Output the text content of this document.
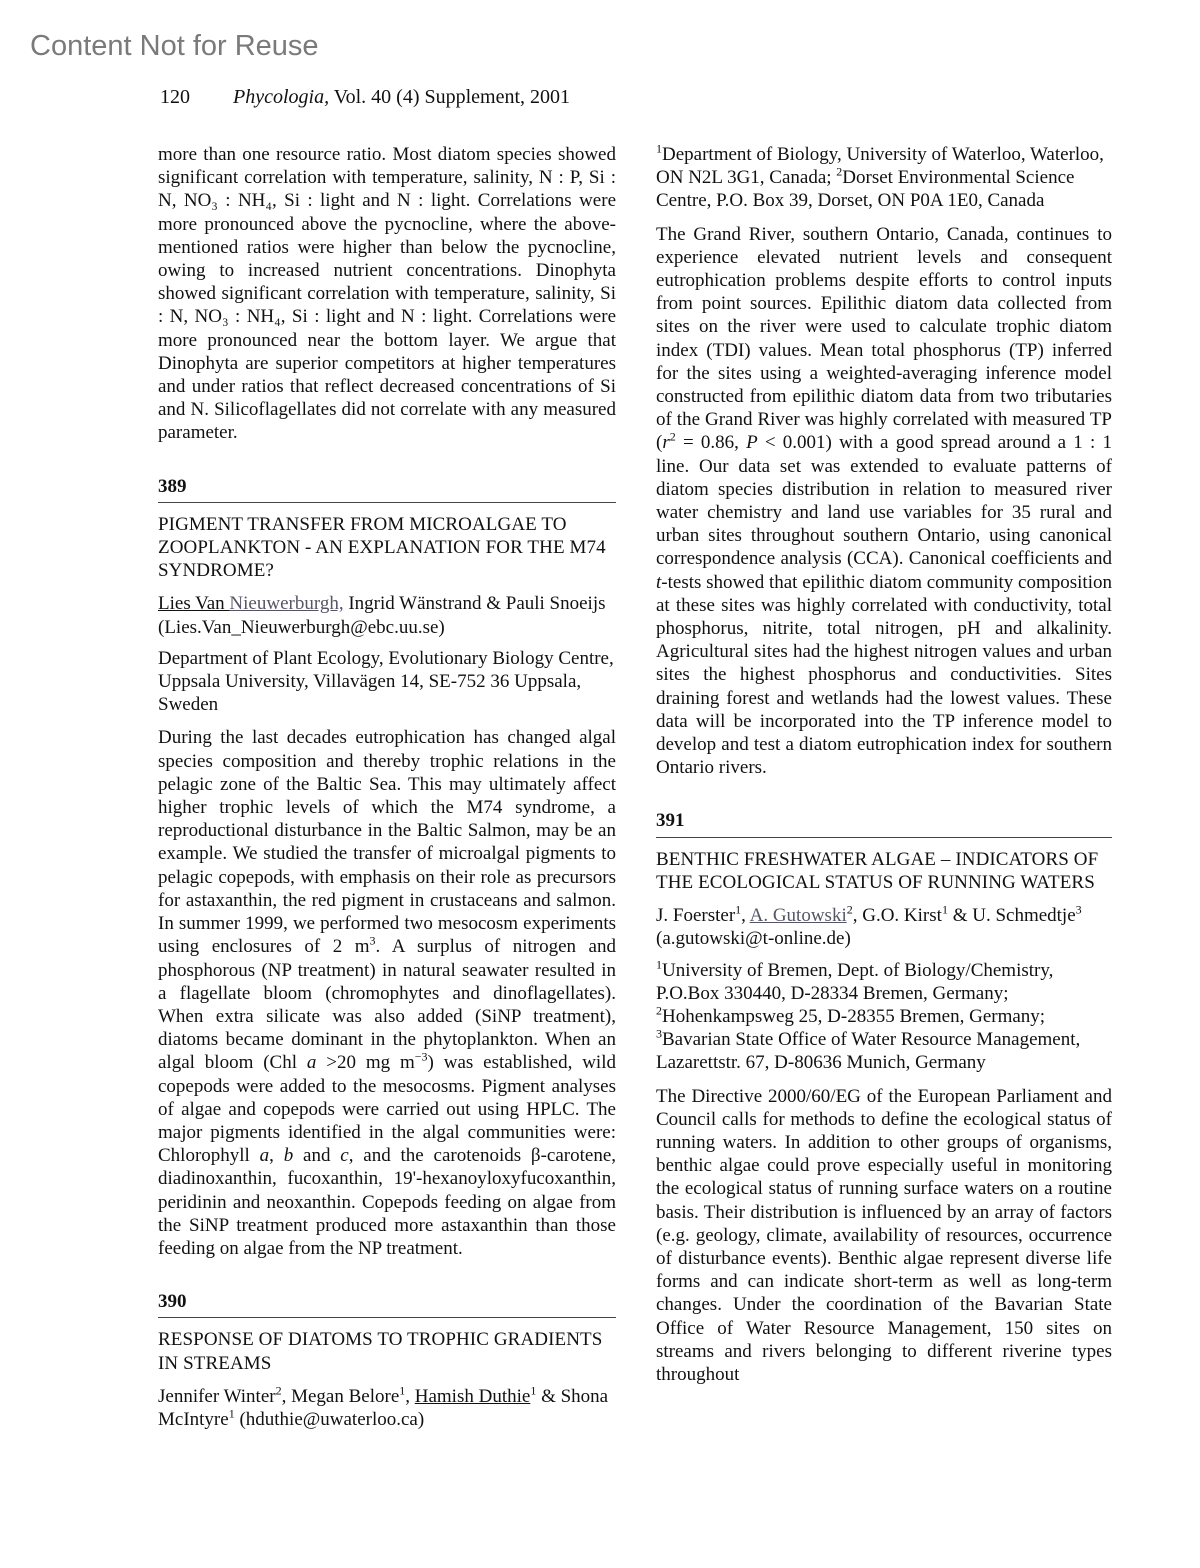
Content Not for Reuse
120 Phycologia, Vol. 40 (4) Supplement, 2001

more than one resource ratio. Most diatom species showed significant correlation with temperature, salinity, N : P, Si : N, NO₃ : NH₄, Si : light and N : light. Correlations were more pronounced above the pycnocline, where the above-mentioned ratios were higher than below the pycnocline, owing to increased nutrient concentrations. Dinophyta showed significant correlation with temperature, salinity, Si : N, NO₃ : NH₄, Si : light and N : light. Correlations were more pronounced near the bottom layer. We argue that Dinophyta are superior competitors at higher temperatures and under ratios that reflect decreased concentrations of Si and N. Silicoflagellates did not correlate with any measured parameter.

389
PIGMENT TRANSFER FROM MICROALGAE TO ZOOPLANKTON - AN EXPLANATION FOR THE M74 SYNDROME?
Lies Van Nieuwerburgh, Ingrid Wänstrand & Pauli Snoeijs (Lies.Van_Nieuwerburgh@ebc.uu.se)
Department of Plant Ecology, Evolutionary Biology Centre, Uppsala University, Villavägen 14, SE-752 36 Uppsala, Sweden
During the last decades eutrophication has changed algal species composition and thereby trophic relations in the pelagic zone of the Baltic Sea. This may ultimately affect higher trophic levels of which the M74 syndrome, a reproductional disturbance in the Baltic Salmon, may be an example. We studied the transfer of microalgal pigments to pelagic copepods, with emphasis on their role as precursors for astaxanthin, the red pigment in crustaceans and salmon. In summer 1999, we performed two mesocosm experiments using enclosures of 2 $m^3$. A surplus of nitrogen and phosphorous (NP treatment) in natural seawater resulted in a flagellate bloom (chromophytes and dinoflagellates). When extra silicate was also added (SiNP treatment), diatoms became dominant in the phytoplankton. When an algal bloom (Chl a >20 mg $m^{-3}$) was established, wild copepods were added to the mesocosms. Pigment analyses of algae and copepods were carried out using HPLC. The major pigments identified in the algal communities were: Chlorophyll a, b and c, and the carotenoids β-carotene, diadinoxanthin, fucoxanthin, 19'-hexanoyloxyfucoxanthin, peridinin and neoxanthin. Copepods feeding on algae from the SiNP treatment produced more astaxanthin than those feeding on algae from the NP treatment.
390
RESPONSE OF DIATOMS TO TROPHIC GRADIENTS IN STREAMS
Jennifer Winter$^2$, Megan Belore$^1$, Hamish Duthie$^1$ & Shona McIntyre$^1$ (hduthie@uwaterloo.ca)
$^1$Department of Biology, University of Waterloo, Waterloo, ON N2L 3G1, Canada; $^2$Dorset Environmental Science Centre, P.O. Box 39, Dorset, ON P0A 1E0, Canada
The Grand River, southern Ontario, Canada, continues to experience elevated nutrient levels and consequent eutrophication problems despite efforts to control inputs from point sources. Epilithic diatom data collected from sites on the river were used to calculate trophic diatom index (TDI) values. Mean total phosphorus (TP) inferred for the sites using a weighted-averaging inference model constructed from epilithic diatom data from two tributaries of the Grand River was highly correlated with measured TP ($r^2 = 0.86$, P < 0.001) with a good spread around a 1 : 1 line. Our data set was extended to evaluate patterns of diatom species distribution in relation to measured river water chemistry and land use variables for 35 rural and urban sites throughout southern Ontario, using canonical correspondence analysis (CCA). Canonical coefficients and t-tests showed that epilithic diatom community composition at these sites was highly correlated with conductivity, total phosphorus, nitrite, total nitrogen, pH and alkalinity. Agricultural sites had the highest nitrogen values and urban sites the highest phosphorus and conductivities. Sites draining forest and wetlands had the lowest values. These data will be incorporated into the TP inference model to develop and test a diatom eutrophication index for southern Ontario rivers.
391
BENTHIC FRESHWATER ALGAE – INDICATORS OF THE ECOLOGICAL STATUS OF RUNNING WATERS
J. Foerster$^1$, A. Gutowski$^2$, G.O. Kirst$^1$ & U. Schmedtje$^3$ (a.gutowski@t-online.de)
$^1$University of Bremen, Dept. of Biology/Chemistry, P.O.Box 330440, D-28334 Bremen, Germany;
$^2$Hohenkampsweg 25, D-28355 Bremen, Germany;
$^3$Bavarian State Office of Water Resource Management, Lazarettstr. 67, D-80636 Munich, Germany
The Directive 2000/60/EG of the European Parliament and Council calls for methods to define the ecological status of running waters. In addition to other groups of organisms, benthic algae could prove especially useful in monitoring the ecological status of running surface waters on a routine basis. Their distribution is influenced by an array of factors (e.g. geology, climate, availability of resources, occurrence of disturbance events). Benthic algae represent diverse life forms and can indicate short-term as well as long-term changes. Under the coordination of the Bavarian State Office of Water Resource Management, 150 sites on streams and rivers belonging to different riverine types throughout
